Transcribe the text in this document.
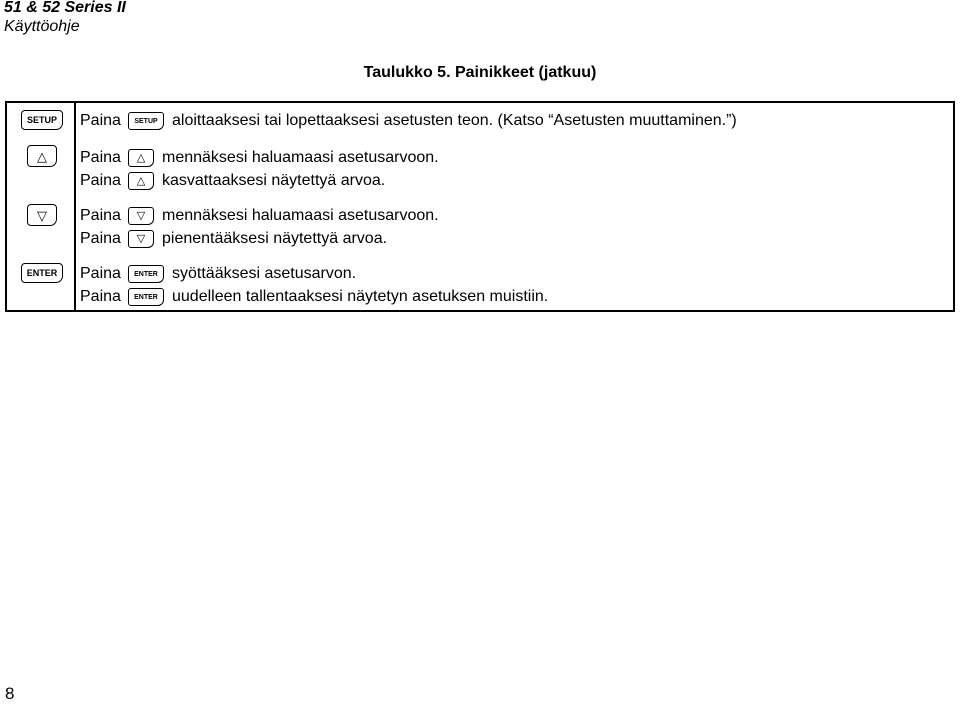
51 & 52 Series II
Käyttöohje
Taulukko 5. Painikkeet (jatkuu)
SETUP	Paina	SETUP aloittaaksesi tai lopettaaksesi asetusten teon. (Katso “Asetusten muuttaminen.”)
△	Paina	△	mennäksesi haluamaasi asetusarvoon.
Paina	△	kasvattaaksesi näytettyä arvoa.
▽	Paina	▽	mennäksesi haluamaasi asetusarvoon.
Paina	▽	pienentääksesi näytettyä arvoa.
ENTER	Paina	ENTER syöttääksesi asetusarvon.
Paina	ENTER uudelleen tallentaaksesi näytetyn asetuksen muistiin.
8
